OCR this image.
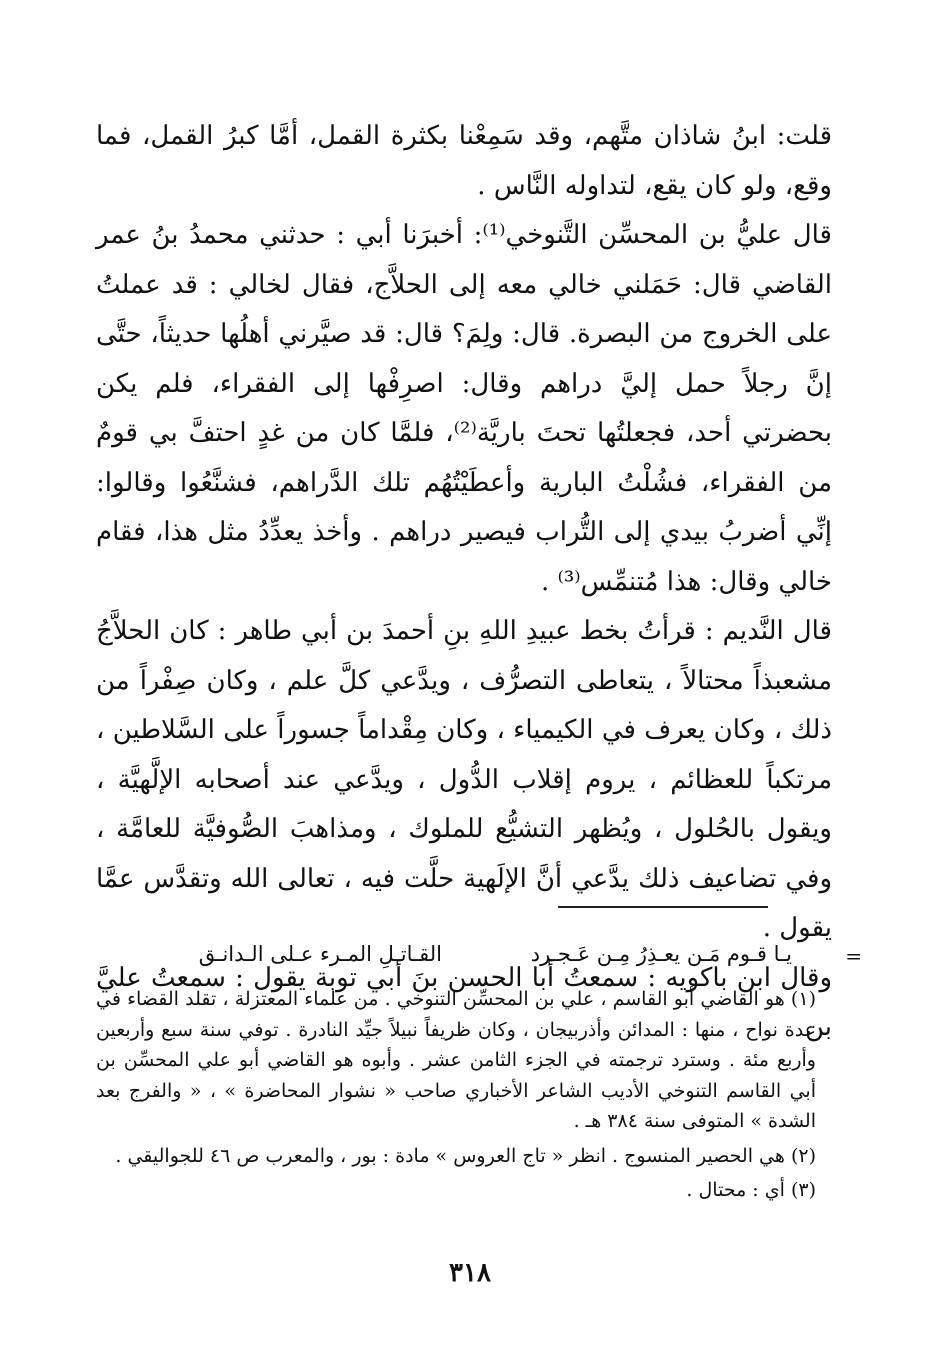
قلت: ابنُ شاذان متَّهم، وقد سَمِعْنا بكثرة القمل، أمَّا كبرُ القمل، فما وقع، ولو كان يقع، لتداوله النَّاس .

قال عليُّ بن المحسِّن التَّنوخي⁽¹⁾: أخبرَنا أبي : حدثني محمدُ بنُ عمر القاضي قال: حَمَلني خالي معه إلى الحلاَّج، فقال لخالي : قد عملتُ على الخروج من البصرة. قال: ولِمَ؟ قال: قد صيَّرني أهلُها حديثاً، حتَّى إنَّ رجلاً حمل إليَّ دراهم وقال: اصرِفْها إلى الفقراء، فلم يكن بحضرتي أحد، فجعلتُها تحتَ باريَّة⁽²⁾، فلمَّا كان من غدٍ احتفَّ بي قومٌ من الفقراء، فشُلْتُ البارية وأعطَيْتُهُم تلك الدَّراهم، فشنَّعُوا وقالوا: إنِّي أضربُ بيدي إلى التُّراب فيصير دراهم . وأخذ يعدِّدُ مثل هذا، فقام خالي وقال: هذا مُتنمِّس⁽³⁾ .

قال النَّديم : قرأتُ بخط عبيدِ اللهِ بنِ أحمدَ بن أبي طاهر : كان الحلاَّجُ مشعبذاً محتالاً ، يتعاطى التصرُّف ، ويدَّعي كلَّ علم ، وكان صِفْراً من ذلك ، وكان يعرف في الكيمياء ، وكان مِقْداماً جسوراً على السَّلاطين ، مرتكباً للعظائم ، يروم إقلاب الدُّول ، ويدَّعي عند أصحابه الإلَّهيَّة ، ويقول بالحُلول ، ويُظهر التشيُّع للملوك ، ومذاهبَ الصُّوفيَّة للعامَّة ، وفي تضاعيف ذلك يدَّعي أنَّ الإلَهية حلَّت فيه ، تعالى الله وتقدَّس عمَّا يقول .

وقال ابن باكويه : سمعتُ أبا الحسن بنَ أبي توبة يقول : سمعتُ عليَّ بن

=
يـا قـوم مَـن يعـذِرُ مِـن عَـجـرد
القـاتـلِ المـرء عـلى الـدانـق

(١) هو القاضي أبو القاسم ، علي بن المحسِّن التنوخي . من علماء المعتزلة ، تقلد القضاء في عدة نواح ، منها : المدائن وأذربيجان ، وكان ظريفاً نبيلاً جيِّد النادرة . توفي سنة سبع وأربعين وأربع مئة . وسترد ترجمته في الجزء الثامن عشر . وأبوه هو القاضي أبو علي المحسِّن بن أبي القاسم التنوخي الأديب الشاعر الأخباري صاحب « نشوار المحاضرة » ، « والفرج بعد الشدة » المتوفى سنة ٣٨٤ هـ .

(٢) هي الحصير المنسوج . انظر « تاج العروس » مادة : بور ، والمعرب ص ٤٦ للجواليقي .

(٣) أي : محتال .

٣١٨
